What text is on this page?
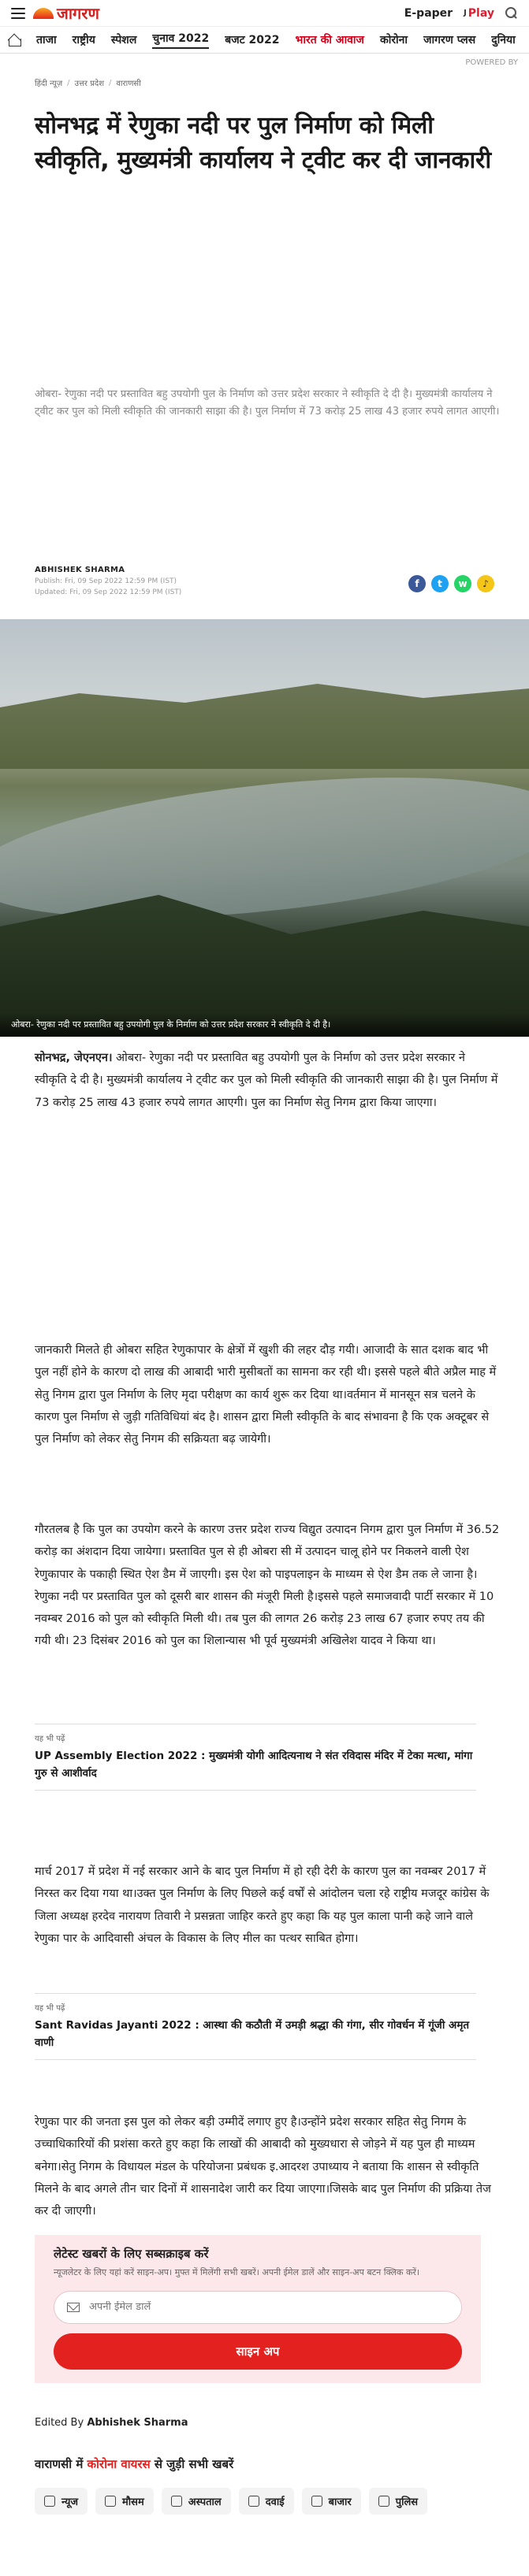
जागरण	E-paper J Play
ताजा राष्ट्रीय स्पेशल चुनाव 2022 बजट 2022 भारत की आवाज कोरोना जागरण प्लस दुनिया
POWERED BY
हिंदी न्यूज़ / उत्तर प्रदेश / वाराणसी
सोनभद्र में रेणुका नदी पर पुल निर्माण को मिली स्वीकृति, मुख्यमंत्री कार्यालय ने ट्वीट कर दी जानकारी

ओबरा- रेणुका नदी पर प्रस्तावित बहु उपयोगी पुल के निर्माण को उत्तर प्रदेश सरकार ने स्वीकृति दे दी है। मुख्यमंत्री कार्यालय ने ट्वीट कर पुल को मिली स्वीकृति की जानकारी साझा की है। पुल निर्माण में 73 करोड़ 25 लाख 43 हजार रुपये लागत आएगी।

ABHISHEK SHARMA
Publish: Fri, 09 Sep 2022 12:59 PM (IST)
Updated: Fri, 09 Sep 2022 12:59 PM (IST)
f	t	w	♪
ओबरा- रेणुका नदी पर प्रस्तावित बहु उपयोगी पुल के निर्माण को उत्तर प्रदेश सरकार ने स्वीकृति दे दी है।

सोनभद्र, जेएनएन। ओबरा- रेणुका नदी पर प्रस्तावित बहु उपयोगी पुल के निर्माण को उत्तर प्रदेश सरकार ने स्वीकृति दे दी है। मुख्यमंत्री कार्यालय ने ट्वीट कर पुल को मिली स्वीकृति की जानकारी साझा की है। पुल निर्माण में 73 करोड़ 25 लाख 43 हजार रुपये लागत आएगी। पुल का निर्माण सेतु निगम द्वारा किया जाएगा।

जानकारी मिलते ही ओबरा सहित रेणुकापार के क्षेत्रों में खुशी की लहर दौड़ गयी। आजादी के सात दशक बाद भी पुल नहीं होने के कारण दो लाख की आबादी भारी मुसीबतों का सामना कर रही थी। इससे पहले बीते अप्रैल माह में सेतु निगम द्वारा पुल निर्माण के लिए मृदा परीक्षण का कार्य शुरू कर दिया था।वर्तमान में मानसून सत्र चलने के कारण पुल निर्माण से जुड़ी गतिविधियां बंद है। शासन द्वारा मिली स्वीकृति के बाद संभावना है कि एक अक्टूबर से पुल निर्माण को लेकर सेतु निगम की सक्रियता बढ़ जायेगी।

गौरतलब है कि पुल का उपयोग करने के कारण उत्तर प्रदेश राज्य विद्युत उत्पादन निगम द्वारा पुल निर्माण में 36.52 करोड़ का अंशदान दिया जायेगा। प्रस्तावित पुल से ही ओबरा सी में उत्पादन चालू होने पर निकलने वाली ऐश रेणुकापार के पकाही स्थित ऐश डैम में जाएगी। इस ऐश को पाइपलाइन के माध्यम से ऐश डैम तक ले जाना है। रेणुका नदी पर प्रस्तावित पुल को दूसरी बार शासन की मंजूरी मिली है।इससे पहले समाजवादी पार्टी सरकार में 10 नवम्बर 2016 को पुल को स्वीकृति मिली थी। तब पुल की लागत 26 करोड़ 23 लाख 67 हजार रुपए तय की गयी थी। 23 दिसंबर 2016 को पुल का शिलान्यास भी पूर्व मुख्यमंत्री अखिलेश यादव ने किया था।

यह भी पढ़ें
UP Assembly Election 2022 : मुख्यमंत्री योगी आदित्यनाथ ने संत रविदास मंदिर में टेका मत्था, मांगा गुरु से आशीर्वाद

मार्च 2017 में प्रदेश में नई सरकार आने के बाद पुल निर्माण में हो रही देरी के कारण पुल का नवम्बर 2017 में निरस्त कर दिया गया था।उक्त पुल निर्माण के लिए पिछले कई वर्षों से आंदोलन चला रहे राष्ट्रीय मजदूर कांग्रेस के जिला अध्यक्ष हरदेव नारायण तिवारी ने प्रसन्नता जाहिर करते हुए कहा कि यह पुल काला पानी कहे जाने वाले रेणुका पार के आदिवासी अंचल के विकास के लिए मील का पत्थर साबित होगा।

यह भी पढ़ें
Sant Ravidas Jayanti 2022 : आस्था की कठौती में उमड़ी श्रद्धा की गंगा, सीर गोवर्धन में गूंजी अमृत वाणी

रेणुका पार की जनता इस पुल को लेकर बड़ी उम्मीदें लगाए हुए है।उन्होंने प्रदेश सरकार सहित सेतु निगम के उच्चाधिकारियों की प्रशंसा करते हुए कहा कि लाखों की आबादी को मुख्यधारा से जोड़ने में यह पुल ही माध्यम बनेगा।सेतु निगम के विधायल मंडल के परियोजना प्रबंधक इ.आदरश उपाध्याय ने बताया कि शासन से स्वीकृति मिलने के बाद अगले तीन चार दिनों में शासनादेश जारी कर दिया जाएगा।जिसके बाद पुल निर्माण की प्रक्रिया तेज कर दी जाएगी।

लेटेस्ट खबरों के लिए सब्सक्राइब करें
न्यूजलेटर के लिए यहां करें साइन-अप। मुफ्त में मिलेंगी सभी खबरें। अपनी ईमेल डालें और साइन-अप बटन क्लिक करें।
अपनी ईमेल डालें
साइन अप
Edited By Abhishek Sharma
वाराणसी में कोरोना वायरस से जुड़ी सभी खबरें
न्यूज	मौसम	अस्पताल	दवाई	बाजार	पुलिस
